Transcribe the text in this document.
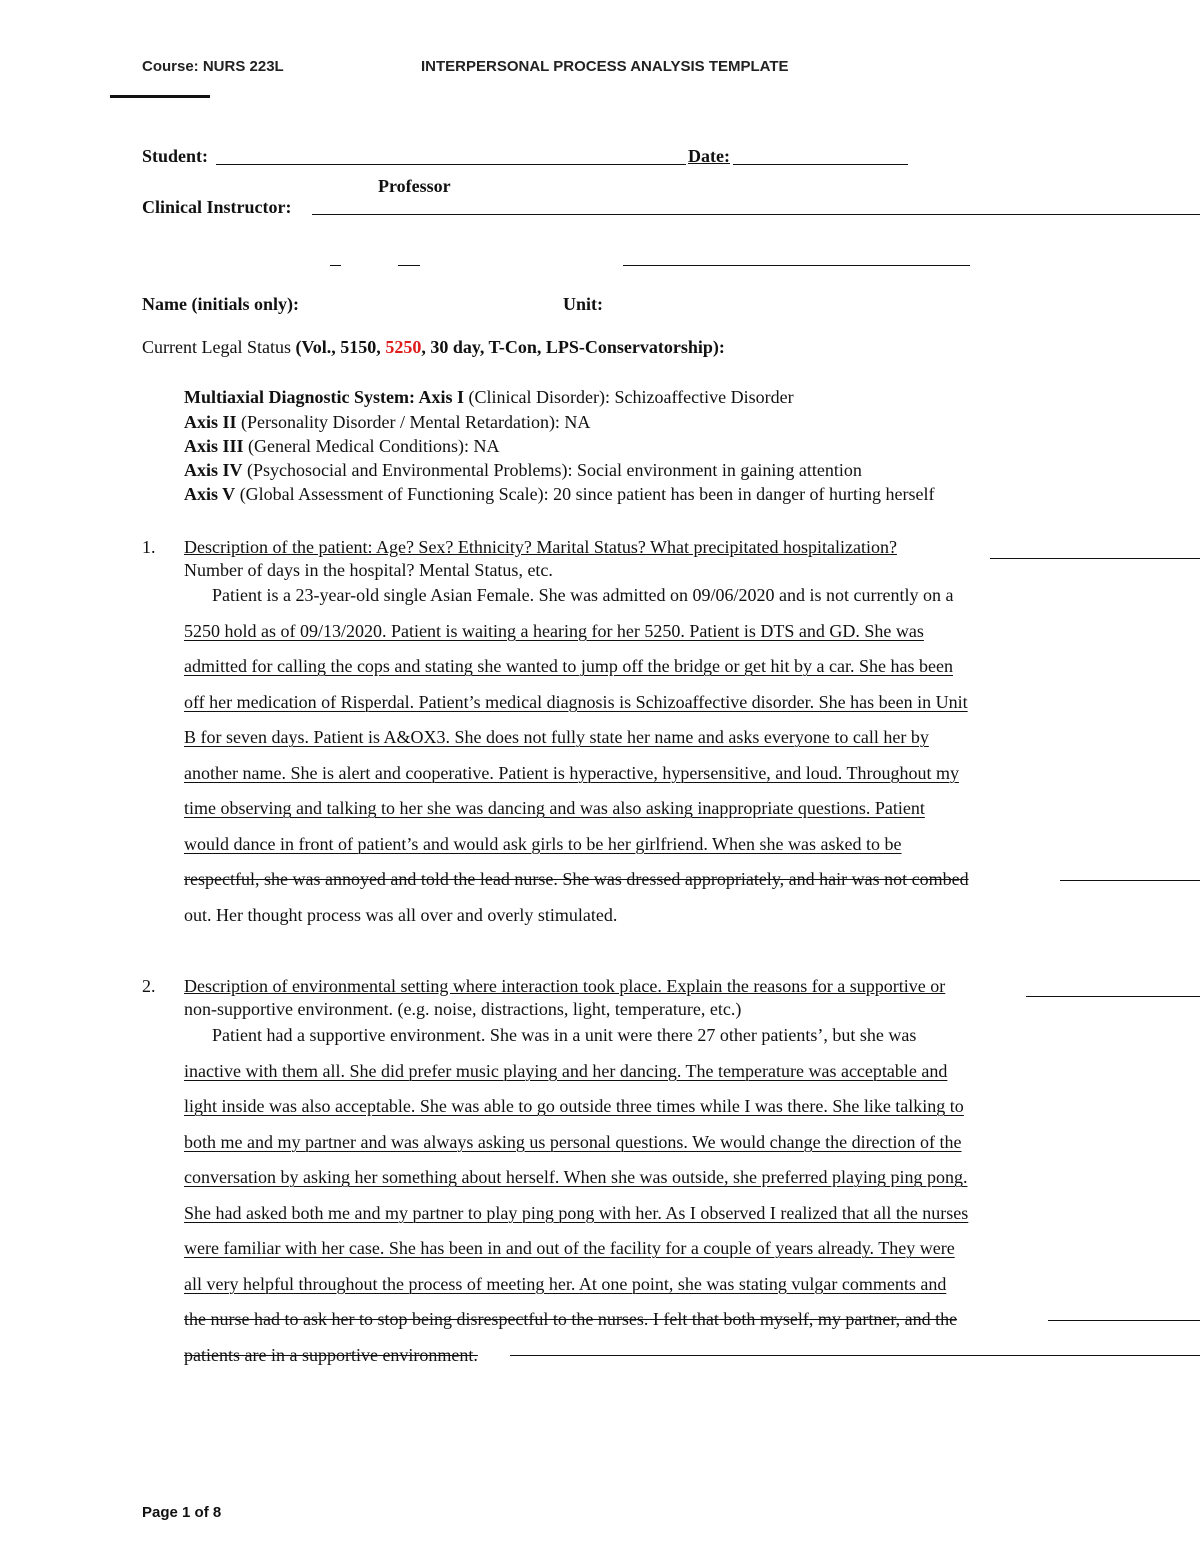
Course: NURS 223L	INTERPERSONAL PROCESS ANALYSIS TEMPLATE
Student:	Date:
Professor
Clinical Instructor:
Name (initials only):	Unit:
Current Legal Status (Vol., 5150, 5250, 30 day, T-Con, LPS-Conservatorship):
Multiaxial Diagnostic System: Axis I (Clinical Disorder): Schizoaffective Disorder
Axis II (Personality Disorder / Mental Retardation): NA
Axis III (General Medical Conditions): NA
Axis IV (Psychosocial and Environmental Problems): Social environment in gaining attention
Axis V (Global Assessment of Functioning Scale): 20 since patient has been in danger of hurting herself
1. Description of the patient: Age? Sex? Ethnicity? Marital Status? What precipitated hospitalization?
Number of days in the hospital? Mental Status, etc.
Patient is a 23-year-old single Asian Female. She was admitted on 09/06/2020 and is not currently on a
5250 hold as of 09/13/2020. Patient is waiting a hearing for her 5250. Patient is DTS and GD. She was
admitted for calling the cops and stating she wanted to jump off the bridge or get hit by a car. She has been
off her medication of Risperdal. Patient’s medical diagnosis is Schizoaffective disorder. She has been in Unit
B for seven days. Patient is A&OX3. She does not fully state her name and asks everyone to call her by
another name. She is alert and cooperative. Patient is hyperactive, hypersensitive, and loud. Throughout my
time observing and talking to her she was dancing and was also asking inappropriate questions. Patient
would dance in front of patient’s and would ask girls to be her girlfriend. When she was asked to be
respectful, she was annoyed and told the lead nurse. She was dressed appropriately, and hair was not combed
out. Her thought process was all over and overly stimulated.
2. Description of environmental setting where interaction took place. Explain the reasons for a supportive or
non-supportive environment. (e.g. noise, distractions, light, temperature, etc.)
Patient had a supportive environment. She was in a unit were there 27 other patients’, but she was
inactive with them all. She did prefer music playing and her dancing. The temperature was acceptable and
light inside was also acceptable. She was able to go outside three times while I was there. She like talking to
both me and my partner and was always asking us personal questions. We would change the direction of the
conversation by asking her something about herself. When she was outside, she preferred playing ping pong.
She had asked both me and my partner to play ping pong with her. As I observed I realized that all the nurses
were familiar with her case. She has been in and out of the facility for a couple of years already. They were
all very helpful throughout the process of meeting her. At one point, she was stating vulgar comments and
the nurse had to ask her to stop being disrespectful to the nurses. I felt that both myself, my partner, and the
patients are in a supportive environment.
Page 1 of 8
